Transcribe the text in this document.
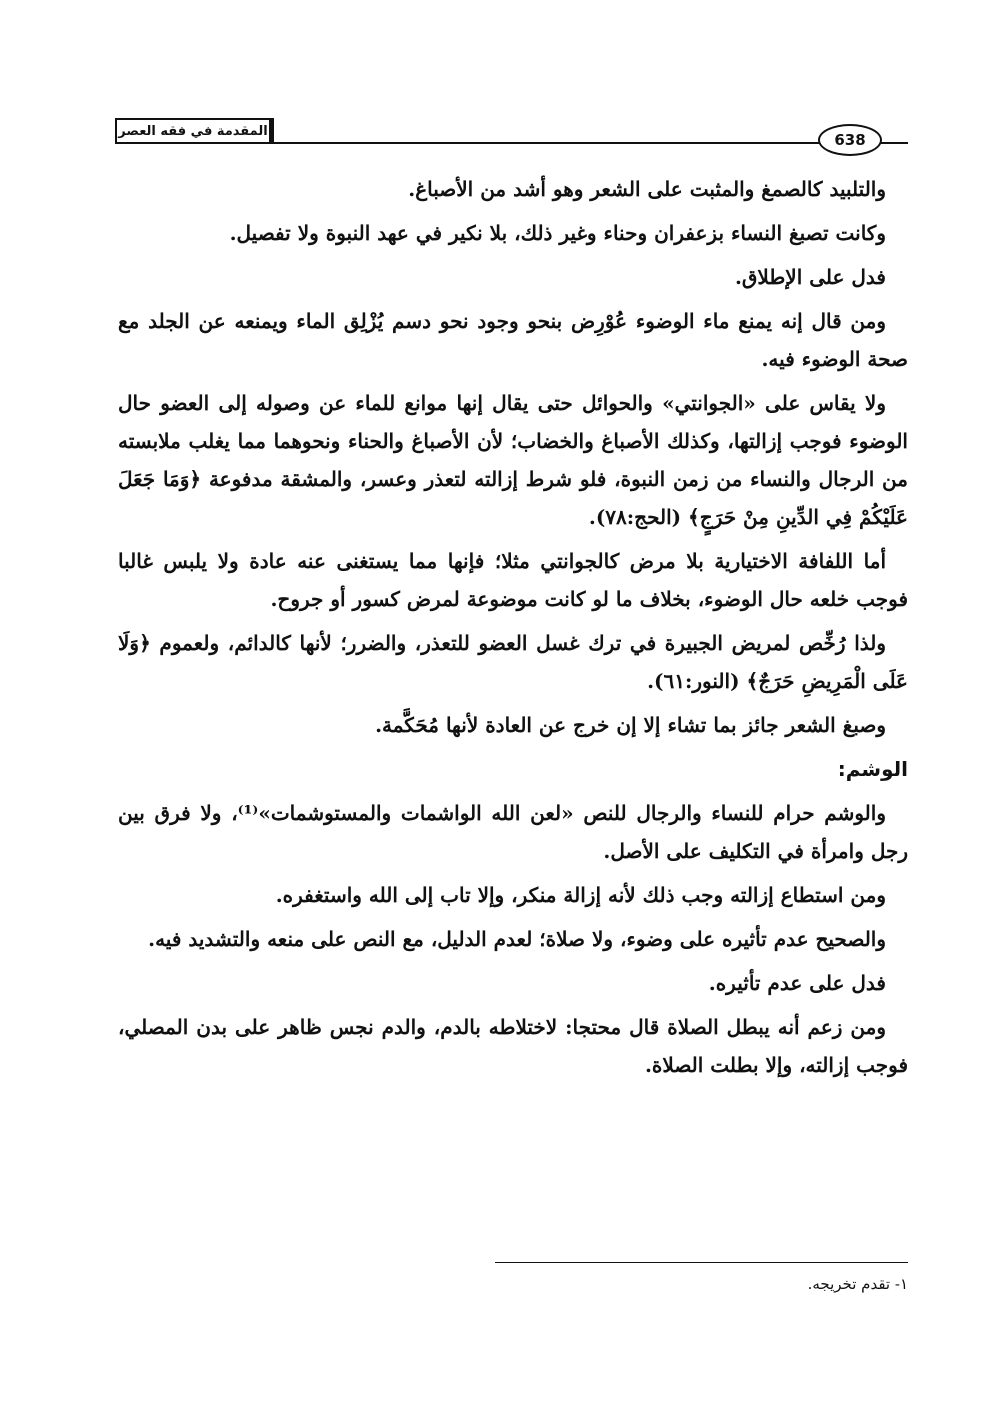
المقدمة في فقه العصر	638

والتلبيد كالصمغ والمثبت على الشعر وهو أشد من الأصباغ.

وكانت تصبغ النساء بزعفران وحناء وغير ذلك، بلا نكير في عهد النبوة ولا تفصيل.

فدل على الإطلاق.

ومن قال إنه يمنع ماء الوضوء عُوْرِض بنحو وجود نحو دسم يُزْلِق الماء ويمنعه عن الجلد مع صحة الوضوء فيه.

ولا يقاس على «الجوانتي» والحوائل حتى يقال إنها موانع للماء عن وصوله إلى العضو حال الوضوء فوجب إزالتها، وكذلك الأصباغ والخضاب؛ لأن الأصباغ والحناء ونحوهما مما يغلب ملابسته من الرجال والنساء من زمن النبوة، فلو شرط إزالته لتعذر وعسر، والمشقة مدفوعة ﴿وَمَا جَعَلَ عَلَيْكُمْ فِي الدِّينِ مِنْ حَرَجٍ﴾ (الحج:٧٨).

أما اللفافة الاختيارية بلا مرض كالجوانتي مثلا؛ فإنها مما يستغنى عنه عادة ولا يلبس غالبا فوجب خلعه حال الوضوء، بخلاف ما لو كانت موضوعة لمرض كسور أو جروح.

ولذا رُخِّص لمريض الجبيرة في ترك غسل العضو للتعذر، والضرر؛ لأنها كالدائم، ولعموم ﴿وَلَا عَلَى الْمَرِيضِ حَرَجٌ﴾ (النور:٦١).

وصبغ الشعر جائز بما تشاء إلا إن خرج عن العادة لأنها مُحَكَّمة.

الوشم:

والوشم حرام للنساء والرجال للنص «لعن الله الواشمات والمستوشمات»⁽¹⁾، ولا فرق بين رجل وامرأة في التكليف على الأصل.

ومن استطاع إزالته وجب ذلك لأنه إزالة منكر، وإلا تاب إلى الله واستغفره.

والصحيح عدم تأثيره على وضوء، ولا صلاة؛ لعدم الدليل، مع النص على منعه والتشديد فيه.

فدل على عدم تأثيره.

ومن زعم أنه يبطل الصلاة قال محتجا: لاختلاطه بالدم، والدم نجس ظاهر على بدن المصلي، فوجب إزالته، وإلا بطلت الصلاة.

١- تقدم تخريجه.
